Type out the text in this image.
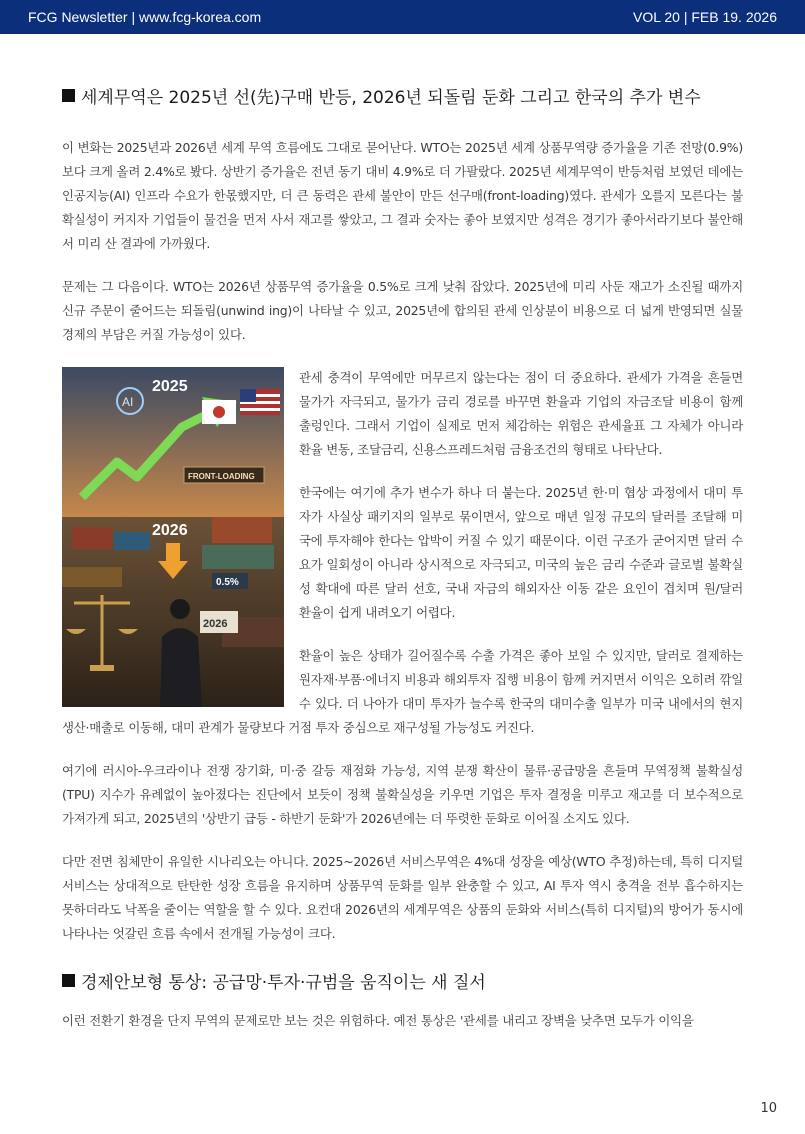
FCG Newsletter | www.fcg-korea.com	VOL 20 | FEB 19. 2026
세계무역은 2025년 선(先)구매 반등, 2026년 되돌림 둔화 그리고 한국의 추가 변수

이 변화는 2025년과 2026년 세계 무역 흐름에도 그대로 묻어난다. WTO는 2025년 세계 상품무역량 증가율을 기존 전망(0.9%)보다 크게 올려 2.4%로 봤다. 상반기 증가율은 전년 동기 대비 4.9%로 더 가팔랐다. 2025년 세계무역이 반등처럼 보였던 데에는 인공지능(AI) 인프라 수요가 한몫했지만, 더 큰 동력은 관세 불안이 만든 선구매(front-loading)였다. 관세가 오를지 모른다는 불확실성이 커지자 기업들이 물건을 먼저 사서 재고를 쌓았고, 그 결과 숫자는 좋아 보였지만 성격은 경기가 좋아서라기보다 불안해서 미리 산 결과에 가까웠다.

문제는 그 다음이다. WTO는 2026년 상품무역 증가율을 0.5%로 크게 낮춰 잡았다. 2025년에 미리 사둔 재고가 소진될 때까지 신규 주문이 줄어드는 되돌림(unwind ing)이 나타날 수 있고, 2025년에 합의된 관세 인상분이 비용으로 더 넓게 반영되면 실물경제의 부담은 커질 가능성이 있다.

2025
AI
FRONT-LOADING
2026
0.5%
2026

관세 충격이 무역에만 머무르지 않는다는 점이 더 중요하다. 관세가 가격을 흔들면 물가가 자극되고, 물가가 금리 경로를 바꾸면 환율과 기업의 자금조달 비용이 함께 출렁인다. 그래서 기업이 실제로 먼저 체감하는 위험은 관세율표 그 자체가 아니라 환율 변동, 조달금리, 신용스프레드처럼 금융조건의 형태로 나타난다.

한국에는 여기에 추가 변수가 하나 더 붙는다. 2025년 한·미 협상 과정에서 대미 투자가 사실상 패키지의 일부로 묶이면서, 앞으로 매년 일정 규모의 달러를 조달해 미국에 투자해야 한다는 압박이 커질 수 있기 때문이다. 이런 구조가 굳어지면 달러 수요가 일회성이 아니라 상시적으로 자극되고, 미국의 높은 금리 수준과 글로벌 불확실성 확대에 따른 달러 선호, 국내 자금의 해외자산 이동 같은 요인이 겹치며 원/달러 환율이 쉽게 내려오기 어렵다.

환율이 높은 상태가 길어질수록 수출 가격은 좋아 보일 수 있지만, 달러로 결제하는 원자재·부품·에너지 비용과 해외투자 집행 비용이 함께 커지면서 이익은 오히려 깎일 수 있다. 더 나아가 대미 투자가 늘수록 한국의 대미수출 일부가 미국 내에서의 현지생산·매출로 이동해, 대미 관계가 물량보다 거점 투자 중심으로 재구성될 가능성도 커진다.

여기에 러시아-우크라이나 전쟁 장기화, 미·중 갈등 재점화 가능성, 지역 분쟁 확산이 물류·공급망을 흔들며 무역정책 불확실성(TPU) 지수가 유례없이 높아졌다는 진단에서 보듯이 정책 불확실성을 키우면 기업은 투자 결정을 미루고 재고를 더 보수적으로 가져가게 되고, 2025년의 '상반기 급등 - 하반기 둔화'가 2026년에는 더 뚜렷한 둔화로 이어질 소지도 있다.

다만 전면 침체만이 유일한 시나리오는 아니다. 2025~2026년 서비스무역은 4%대 성장을 예상(WTO 추정)하는데, 특히 디지털 서비스는 상대적으로 탄탄한 성장 흐름을 유지하며 상품무역 둔화를 일부 완충할 수 있고, AI 투자 역시 충격을 전부 흡수하지는 못하더라도 낙폭을 줄이는 역할을 할 수 있다. 요컨대 2026년의 세계무역은 상품의 둔화와 서비스(특히 디지털)의 방어가 동시에 나타나는 엇갈린 흐름 속에서 전개될 가능성이 크다.

경제안보형 통상: 공급망·투자·규범을 움직이는 새 질서

이런 전환기 환경을 단지 무역의 문제로만 보는 것은 위험하다. 예전 통상은 '관세를 내리고 장벽을 낮추면 모두가 이익을

10
